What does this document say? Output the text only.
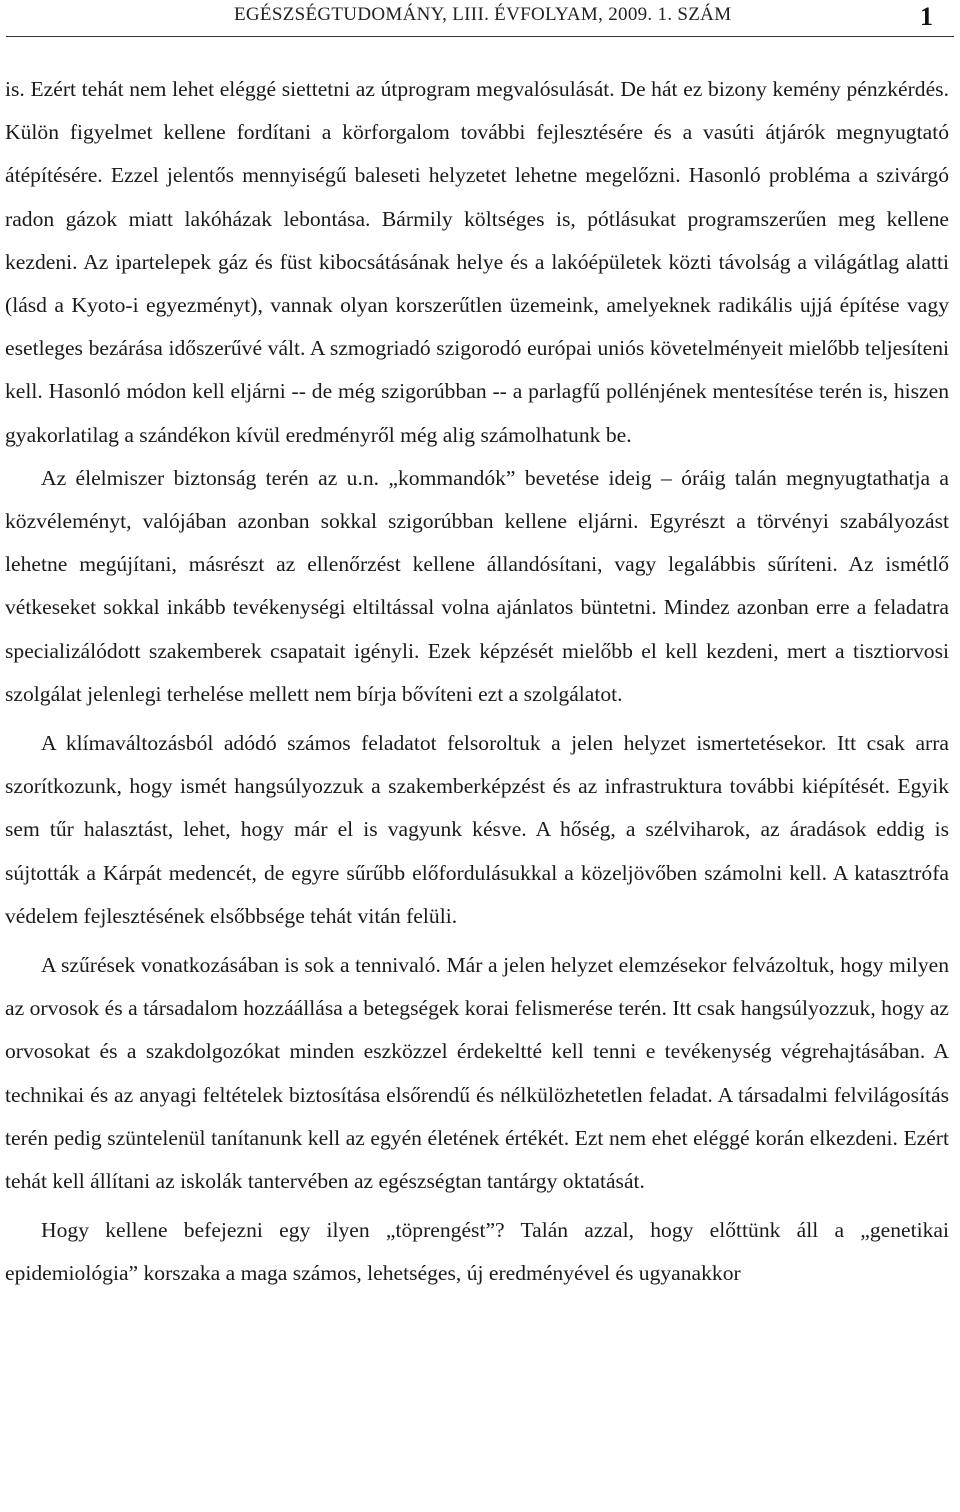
EGÉSZSÉGTUDOMÁNY, LIII. ÉVFOLYAM, 2009. 1. SZÁM	1

is. Ezért tehát nem lehet eléggé siettetni az útprogram megvalósulását. De hát ez bizony kemény pénzkérdés. Külön figyelmet kellene fordítani a körforgalom további fejlesztésére és a vasúti átjárók megnyugtató átépítésére. Ezzel jelentős mennyiségű baleseti helyzetet lehetne megelőzni. Hasonló probléma a szivárgó radon gázok miatt lakóházak lebontása. Bármily költséges is, pótlásukat programszerűen meg kellene kezdeni. Az ipartelepek gáz és füst kibocsátásának helye és a lakóépületek közti távolság a világátlag alatti (lásd a Kyoto-i egyezményt), vannak olyan korszerűtlen üzemeink, amelyeknek radikális ujjá építése vagy esetleges bezárása időszerűvé vált. A szmogriadó szigorodó európai uniós követelményeit mielőbb teljesíteni kell. Hasonló módon kell eljárni -- de még szigorúbban -- a parlagfű pollénjének mentesítése terén is, hiszen gyakorlatilag a szándékon kívül eredményről még alig számolhatunk be.

Az élelmiszer biztonság terén az u.n. „kommandók” bevetése ideig – óráig talán megnyugtathatja a közvéleményt, valójában azonban sokkal szigorúbban kellene eljárni. Egyrészt a törvényi szabályozást lehetne megújítani, másrészt az ellenőrzést kellene állandósítani, vagy legalábbis sűríteni. Az ismétlő vétkeseket sokkal inkább tevékenységi eltiltással volna ajánlatos büntetni. Mindez azonban erre a feladatra specializálódott szakemberek csapatait igényli. Ezek képzését mielőbb el kell kezdeni, mert a tisztiorvosi szolgálat jelenlegi terhelése mellett nem bírja bővíteni ezt a szolgálatot.

A klímaváltozásból adódó számos feladatot felsoroltuk a jelen helyzet ismertetésekor. Itt csak arra szorítkozunk, hogy ismét hangsúlyozzuk a szakemberképzést és az infrastruktura további kiépítését. Egyik sem tűr halasztást, lehet, hogy már el is vagyunk késve. A hőség, a szélviharok, az áradások eddig is sújtották a Kárpát medencét, de egyre sűrűbb előfordulásukkal a közeljövőben számolni kell. A katasztrófa védelem fejlesztésének elsőbbsége tehát vitán felüli.

A szűrések vonatkozásában is sok a tennivaló. Már a jelen helyzet elemzésekor felvázoltuk, hogy milyen az orvosok és a társadalom hozzáállása a betegségek korai felismerése terén. Itt csak hangsúlyozzuk, hogy az orvosokat és a szakdolgozókat minden eszközzel érdekeltté kell tenni e tevékenység végrehajtásában. A technikai és az anyagi feltételek biztosítása elsőrendű és nélkülözhetetlen feladat. A társadalmi felvilágosítás terén pedig szüntelenül tanítanunk kell az egyén életének értékét. Ezt nem ehet eléggé korán elkezdeni. Ezért tehát kell állítani az iskolák tantervében az egészségtan tantárgy oktatását.

Hogy kellene befejezni egy ilyen „töprengést”? Talán azzal, hogy előttünk áll a „genetikai epidemiológia” korszaka a maga számos, lehetséges, új eredményével és ugyanakkor
